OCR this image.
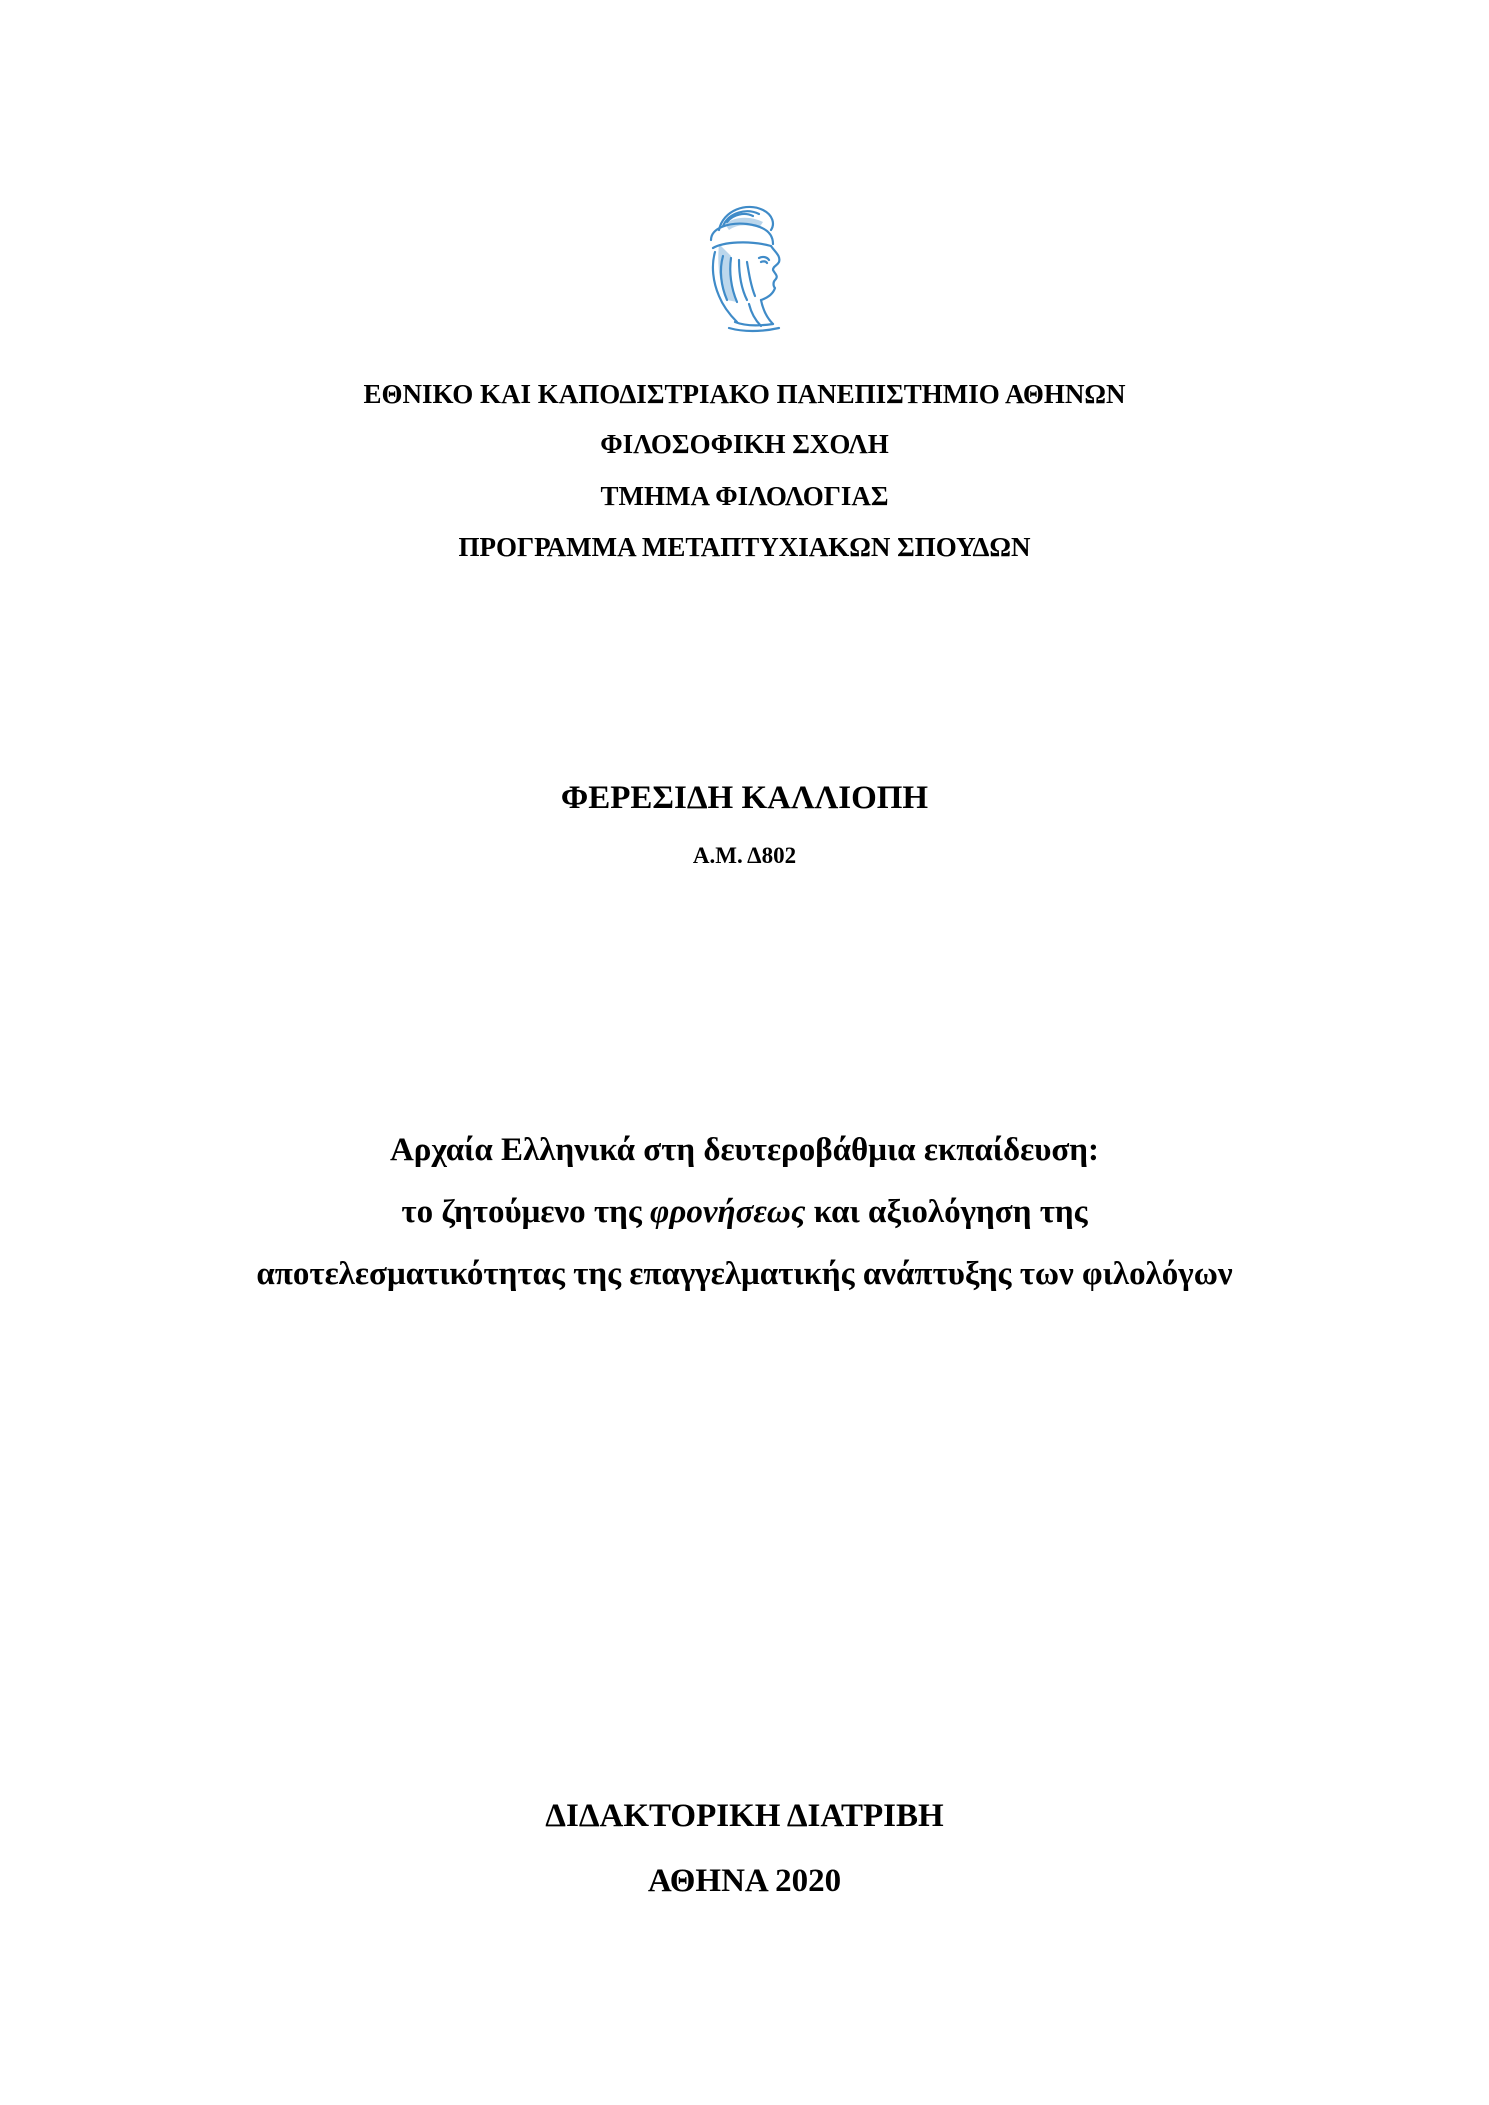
ΕΘΝΙΚΟ ΚΑΙ ΚΑΠΟΔΙΣΤΡΙΑΚΟ ΠΑΝΕΠΙΣΤΗΜΙΟ ΑΘΗΝΩΝ
ΦΙΛΟΣΟΦΙΚΗ ΣΧΟΛΗ
ΤΜΗΜΑ ΦΙΛΟΛΟΓΙΑΣ
ΠΡΟΓΡΑΜΜΑ ΜΕΤΑΠΤΥΧΙΑΚΩΝ ΣΠΟΥΔΩΝ
ΦΕΡΕΣΙΔΗ ΚΑΛΛΙΟΠΗ
Α.Μ. Δ802
Αρχαία Ελληνικά στη δευτεροβάθμια εκπαίδευση:
το ζητούμενο της φρονήσεως και αξιολόγηση της
αποτελεσματικότητας της επαγγελματικής ανάπτυξης των φιλολόγων
ΔΙΔΑΚΤΟΡΙΚΗ ΔΙΑΤΡΙΒΗ
ΑΘΗΝΑ 2020
